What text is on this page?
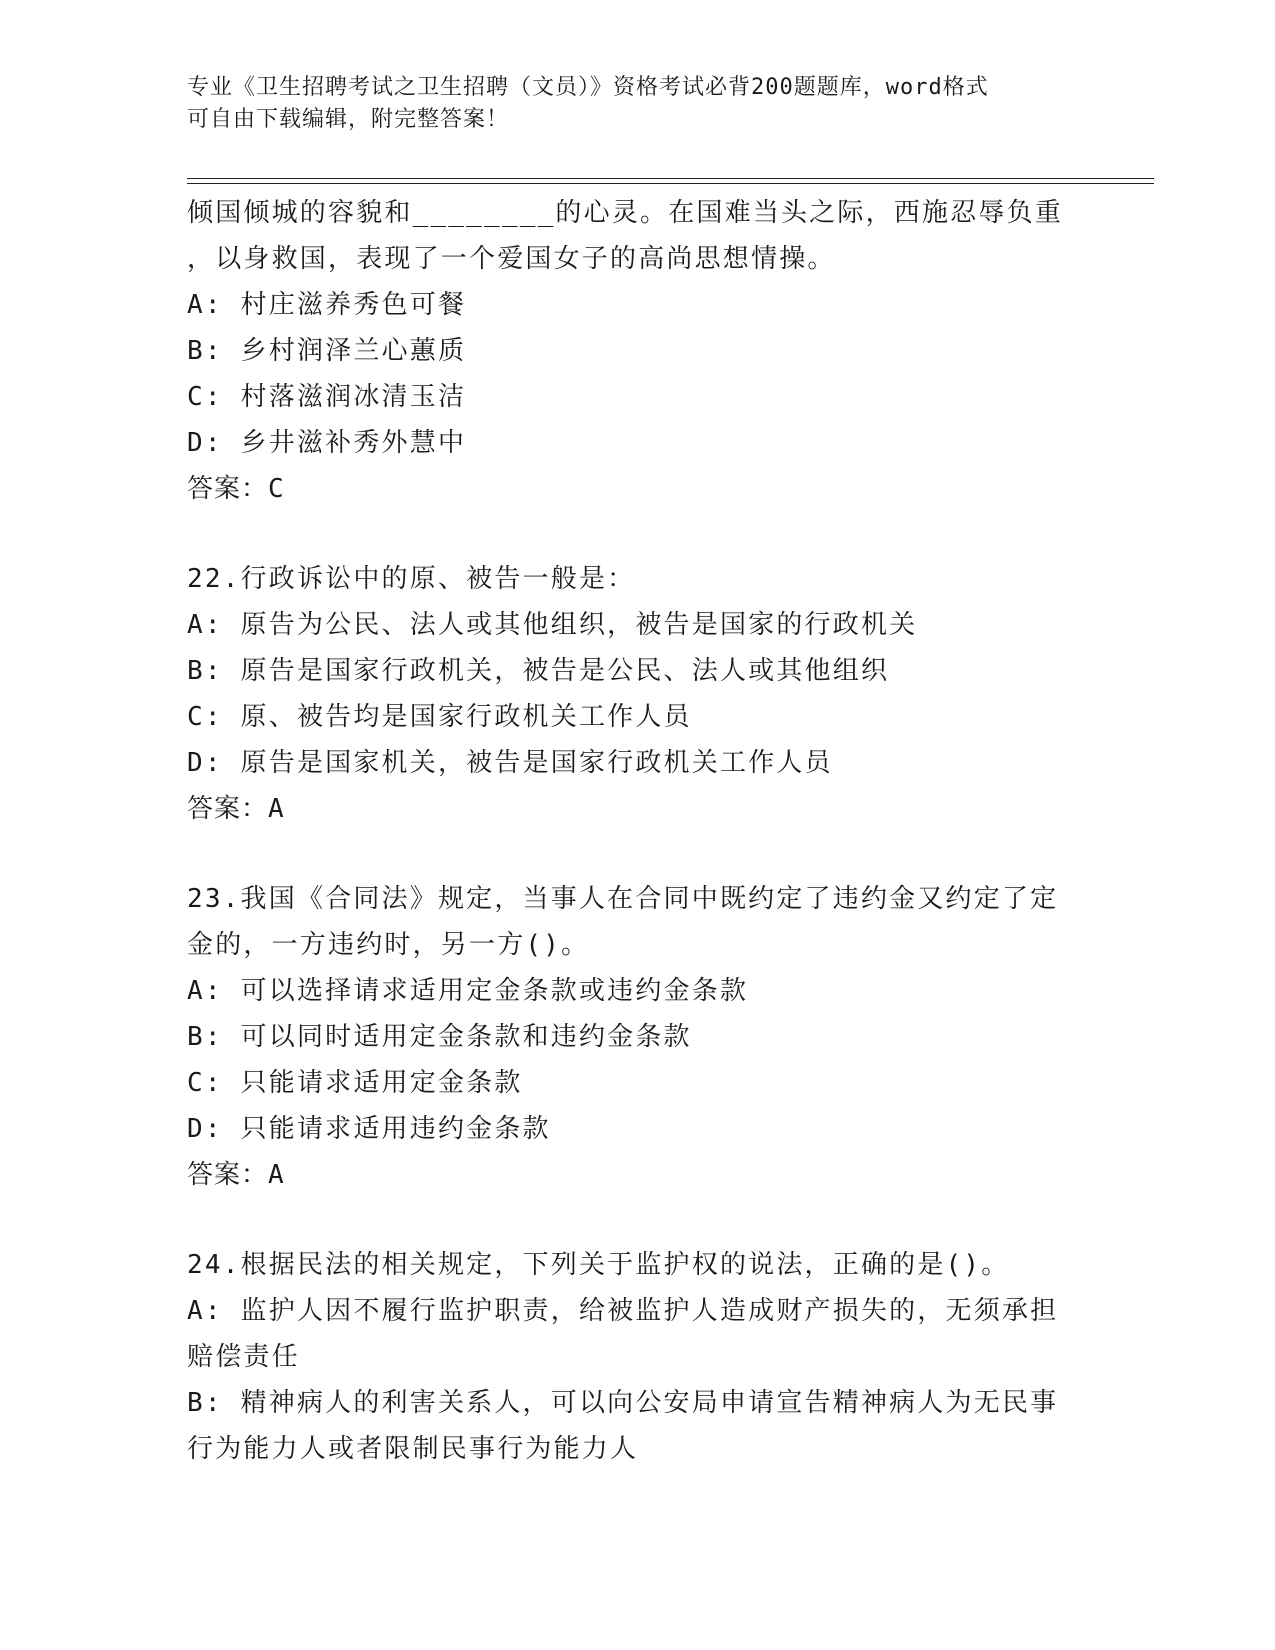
专业《卫生招聘考试之卫生招聘（文员）》资格考试必背200题题库，word格式
可自由下载编辑，附完整答案！
倾国倾城的容貌和________的心灵。在国难当头之际，西施忍辱负重
，以身救国，表现了一个爱国女子的高尚思想情操。
A: 村庄滋养秀色可餐
B: 乡村润泽兰心蕙质
C: 村落滋润冰清玉洁
D: 乡井滋补秀外慧中
答案：C
22.行政诉讼中的原、被告一般是：
A: 原告为公民、法人或其他组织，被告是国家的行政机关
B: 原告是国家行政机关，被告是公民、法人或其他组织
C: 原、被告均是国家行政机关工作人员
D: 原告是国家机关，被告是国家行政机关工作人员
答案：A
23.我国《合同法》规定，当事人在合同中既约定了违约金又约定了定
金的，一方违约时，另一方()。
A: 可以选择请求适用定金条款或违约金条款
B: 可以同时适用定金条款和违约金条款
C: 只能请求适用定金条款
D: 只能请求适用违约金条款
答案：A
24.根据民法的相关规定，下列关于监护权的说法，正确的是()。
A: 监护人因不履行监护职责，给被监护人造成财产损失的，无须承担
赔偿责任
B: 精神病人的利害关系人，可以向公安局申请宣告精神病人为无民事
行为能力人或者限制民事行为能力人
